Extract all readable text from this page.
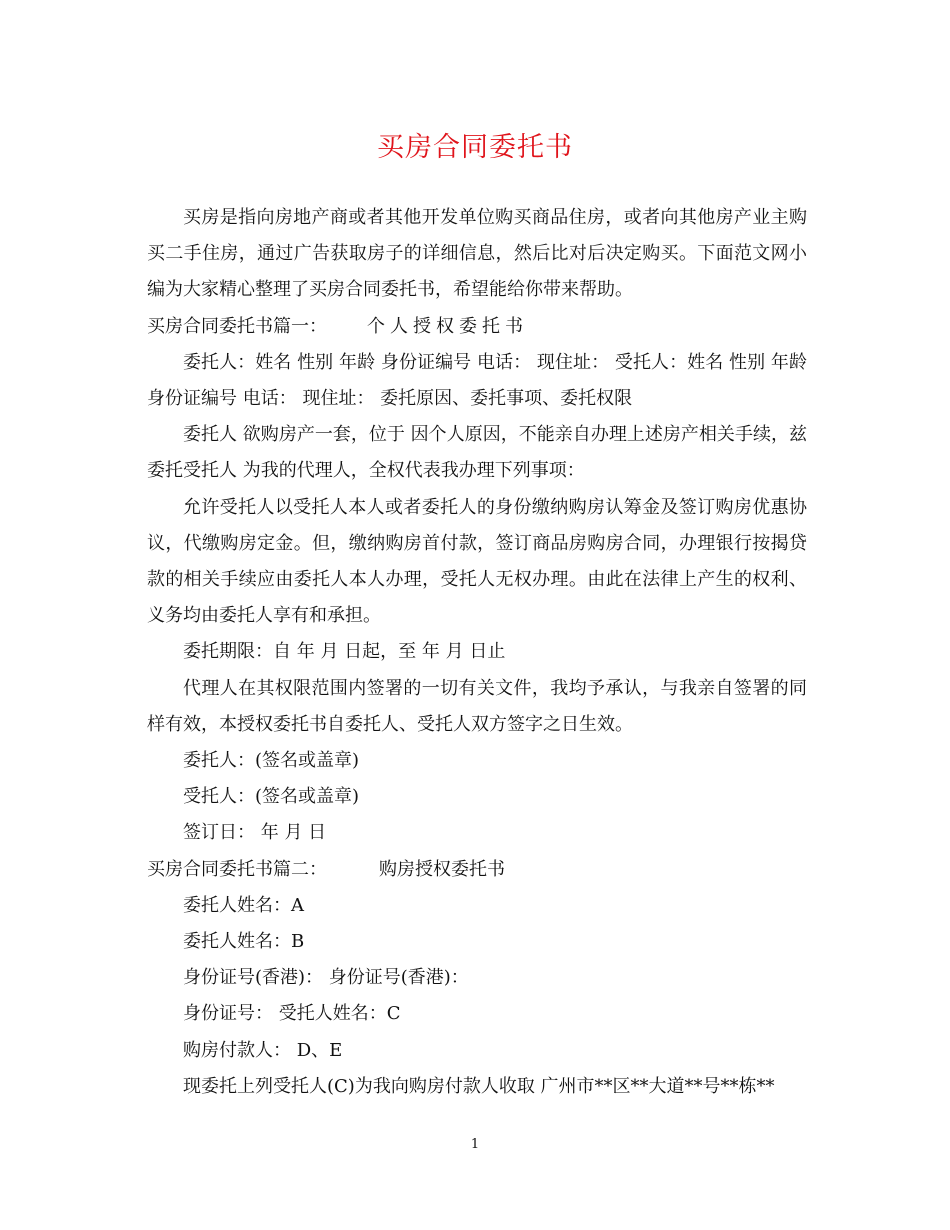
买房合同委托书

买房是指向房地产商或者其他开发单位购买商品住房，或者向其他房产业主购买二手住房，通过广告获取房子的详细信息，然后比对后决定购买。下面范文网小编为大家精心整理了买房合同委托书，希望能给你带来帮助。

买房合同委托书篇一： 个人授权委托书

委托人：姓名 性别 年龄 身份证编号 电话： 现住址： 受托人：姓名 性别 年龄 身份证编号 电话： 现住址： 委托原因、委托事项、委托权限

委托人 欲购房产一套，位于 因个人原因，不能亲自办理上述房产相关手续，兹委托受托人 为我的代理人，全权代表我办理下列事项：

允许受托人以受托人本人或者委托人的身份缴纳购房认筹金及签订购房优惠协议，代缴购房定金。但，缴纳购房首付款，签订商品房购房合同，办理银行按揭贷款的相关手续应由委托人本人办理，受托人无权办理。由此在法律上产生的权利、义务均由委托人享有和承担。

委托期限：自 年 月 日起，至 年 月 日止

代理人在其权限范围内签署的一切有关文件，我均予承认，与我亲自签署的同样有效，本授权委托书自委托人、受托人双方签字之日生效。

委托人：(签名或盖章)

受托人：(签名或盖章)

签订日： 年 月 日

买房合同委托书篇二：	购房授权委托书

委托人姓名：A

委托人姓名：B

身份证号(香港)： 身份证号(香港)：

身份证号： 受托人姓名：C

购房付款人： D、E

现委托上列受托人(C)为我向购房付款人收取 广州市**区**大道**号**栋**

1
